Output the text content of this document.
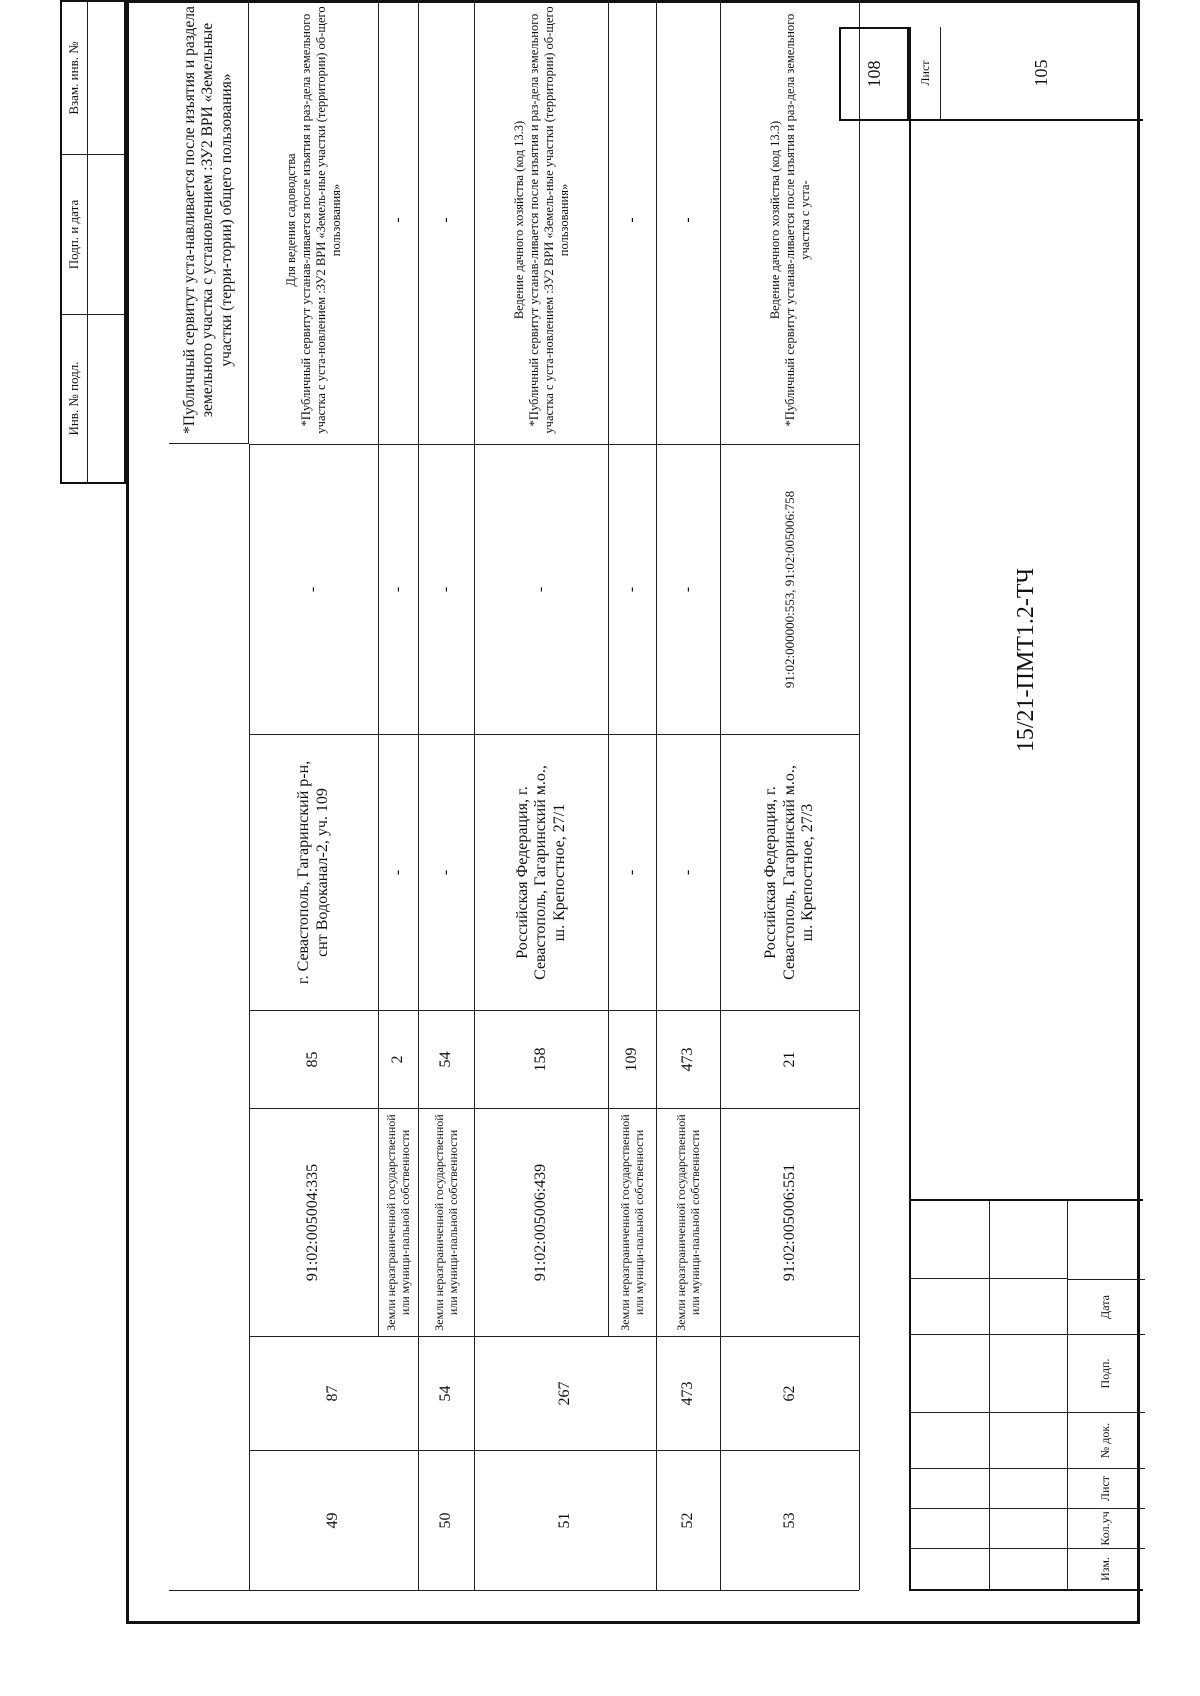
Инв. № подл.
Подп. и дата
Взам. инв. №	*Публичный сервитут уста-навливается после изъятия и раздела земельного участка с установлением :ЗУ2 ВРИ «Земельные участки (терри-тории) общего пользования»
49
87
91:02:005004:335
85
г. Севастополь, Гагаринский р-н, снт Водоканал-2, уч. 109
-
Для ведения садоводства
*Публичный сервитут устанав-ливается после изъятия и раз-дела земельного участка с уста-новлением :ЗУ2 ВРИ «Земель-ные участки (территории) об-щего пользования»
Земли неразграниченной государственной или муници-пальной собственности
2
-
-
-
50
54
Земли неразграниченной государственной или муници-пальной собственности
54
-
-
-
51
267
91:02:005006:439
158
Российская Федерация, г. Севастополь, Гагаринский м.о., ш. Крепостное, 27/1
-
Ведение дачного хозяйства (код 13.3)
*Публичный сервитут устанав-ливается после изъятия и раз-дела земельного участка с уста-новлением :ЗУ2 ВРИ «Земель-ные участки (территории) об-щего пользования»
Земли неразграниченной государственной или муници-пальной собственности
109
-
-
-
52
473
Земли неразграниченной государственной или муници-пальной собственности
473
-
-
-
53
62
91:02:005006:551
21
Российская Федерация, г. Севастополь, Гагаринский м.о., ш. Крепостное, 27/3
91:02:000000:553, 91:02:005006:758
Ведение дачного хозяйства (код 13.3)
*Публичный сервитут устанав-ливается после изъятия и раз-дела земельного участка с уста-
Изм.
Кол.уч
Лист
№ док.
Подп.
Дата
15/21-ПМТ1.2-ТЧ
Лист	105
108
